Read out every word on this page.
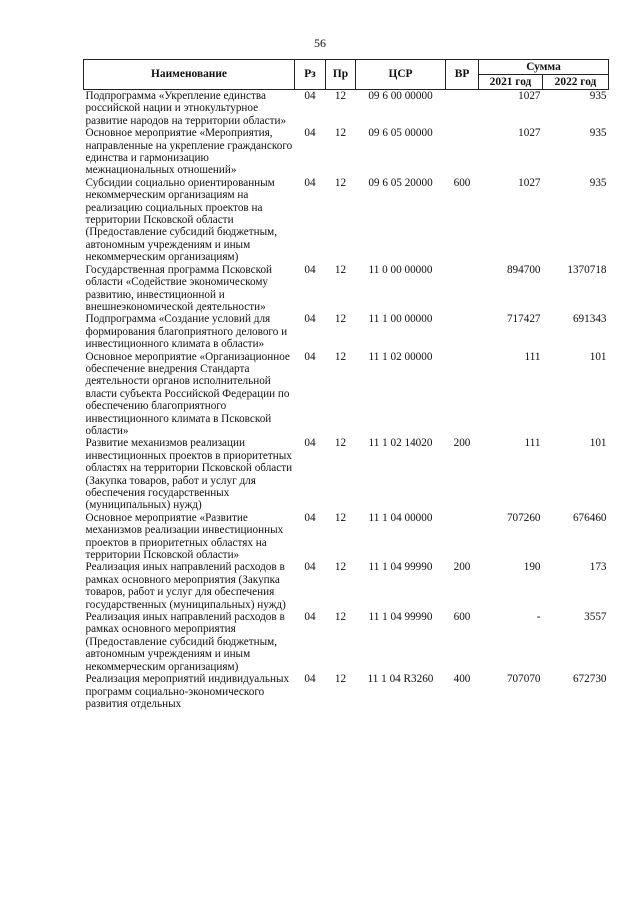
56
Наименование	Рз	Пр	ЦСР	ВР	Сумма	
					2021 год	2022 год
Подпрограмма «Укрепление единства российской нации и этнокультурное развитие народов на территории области»	04	12	09 6 00 00000		1027	935
Основное мероприятие «Мероприятия, направленные на укрепление гражданского единства и гармонизацию межнациональных отношений»	04	12	09 6 05 00000		1027	935
Субсидии социально ориентированным некоммерческим организациям на реализацию социальных проектов на территории Псковской области (Предоставление субсидий бюджетным, автономным учреждениям и иным некоммерческим организациям)	04	12	09 6 05 20000	600	1027	935
Государственная программа Псковской области «Содействие экономическому развитию, инвестиционной и внешнеэкономической деятельности»	04	12	11 0 00 00000		894700	1370718
Подпрограмма «Создание условий для формирования благоприятного делового и инвестиционного климата в области»	04	12	11 1 00 00000		717427	691343
Основное мероприятие «Организационное обеспечение внедрения Стандарта деятельности органов исполнительной власти субъекта Российской Федерации по обеспечению благоприятного инвестиционного климата в Псковской области»	04	12	11 1 02 00000		111	101
Развитие механизмов реализации инвестиционных проектов в приоритетных областях на территории Псковской области (Закупка товаров, работ и услуг для обеспечения государственных (муниципальных) нужд)	04	12	11 1 02 14020	200	111	101
Основное мероприятие «Развитие механизмов реализации инвестиционных проектов в приоритетных областях на территории Псковской области»	04	12	11 1 04 00000		707260	676460
Реализация иных направлений расходов в рамках основного мероприятия (Закупка товаров, работ и услуг для обеспечения государственных (муниципальных) нужд)	04	12	11 1 04 99990	200	190	173
Реализация иных направлений расходов в рамках основного мероприятия (Предоставление субсидий бюджетным, автономным учреждениям и иным некоммерческим организациям)	04	12	11 1 04 99990	600	-	3557
Реализация мероприятий индивидуальных программ социально-экономического развития отдельных	04	12	11 1 04 R3260	400	707070	672730
